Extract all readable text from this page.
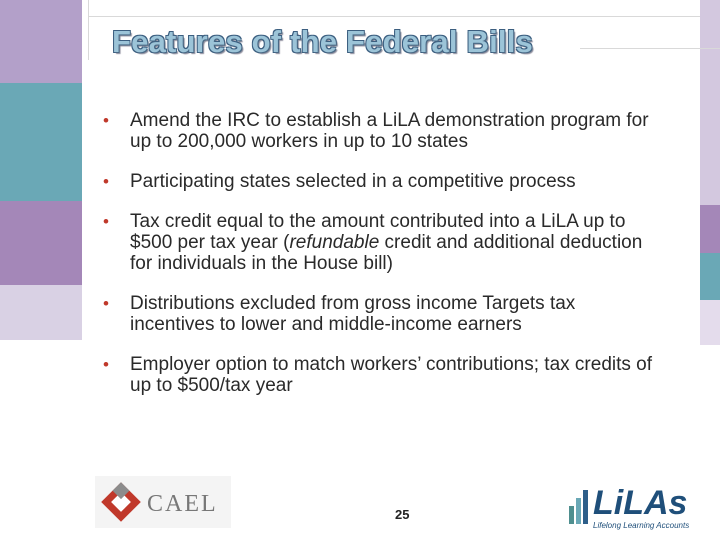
Features of the Federal Bills
• Amend the IRC to establish a LiLA demonstration program for up to 200,000 workers in up to 10 states
• Participating states selected in a competitive process
• Tax credit equal to the amount contributed into a LiLA up to $500 per tax year (refundable credit and additional deduction for individuals in the House bill)
• Distributions excluded from gross income Targets tax incentives to lower and middle-income earners
• Employer option to match workers’ contributions; tax credits of up to $500/tax year
CAEL	25	LiLAs
Lifelong Learning Accounts
